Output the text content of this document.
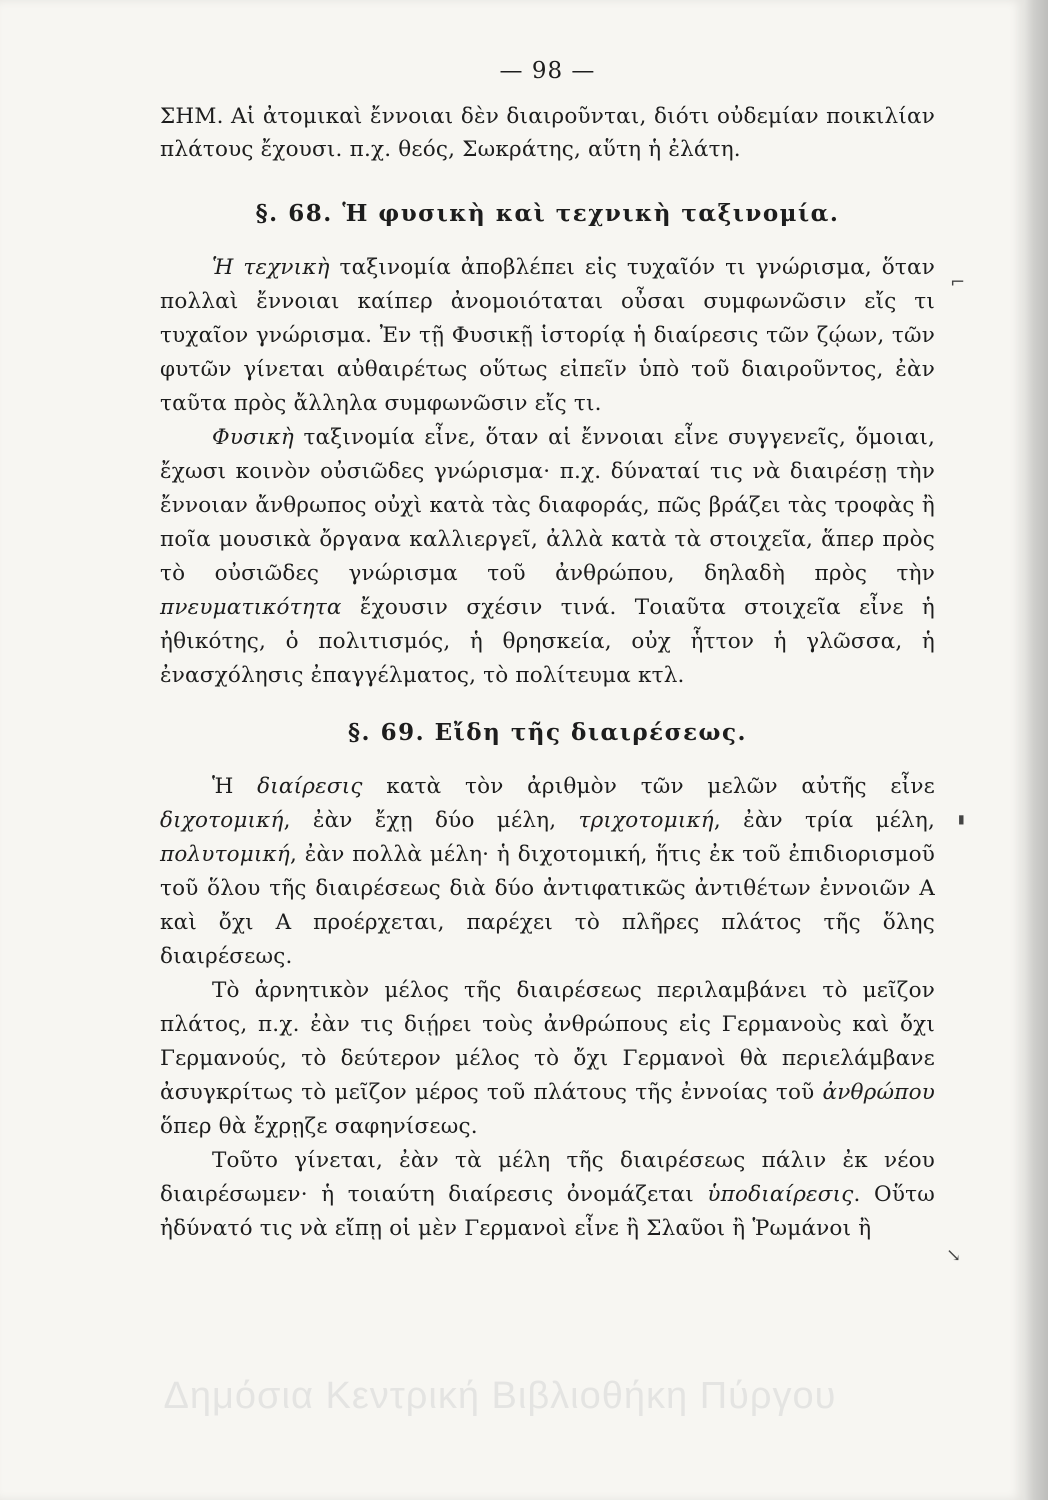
— 98 —

ΣΗΜ. Αἱ ἀτομικαὶ ἔννοιαι δὲν διαιροῦνται, διότι οὐδεμίαν ποικιλίαν πλάτους ἔχουσι. π.χ. θεός, Σωκράτης, αὕτη ἡ ἐλάτη.

§. 68. Ἡ φυσικὴ καὶ τεχνικὴ ταξινομία.

Ἡ τεχνικὴ ταξινομία ἀποβλέπει εἰς τυχαῖόν τι γνώρισμα, ὅταν πολλαὶ ἔννοιαι καίπερ ἀνομοιόταται οὖσαι συμφωνῶσιν εἴς τι τυχαῖον γνώρισμα. Ἐν τῇ Φυσικῇ ἱστορίᾳ ἡ διαίρεσις τῶν ζῴων, τῶν φυτῶν γίνεται αὐθαιρέτως οὕτως εἰπεῖν ὑπὸ τοῦ διαιροῦντος, ἐὰν ταῦτα πρὸς ἄλληλα συμφωνῶσιν εἴς τι.

Φυσικὴ ταξινομία εἶνε, ὅταν αἱ ἔννοιαι εἶνε συγγενεῖς, ὅμοιαι, ἔχωσι κοινὸν οὐσιῶδες γνώρισμα· π.χ. δύναταί τις νὰ διαιρέσῃ τὴν ἔννοιαν ἄνθρωπος οὐχὶ κατὰ τὰς διαφοράς, πῶς βράζει τὰς τροφὰς ἢ ποῖα μουσικὰ ὄργανα καλλιεργεῖ, ἀλλὰ κατὰ τὰ στοιχεῖα, ἅπερ πρὸς τὸ οὐσιῶδες γνώρισμα τοῦ ἀνθρώπου, δηλαδὴ πρὸς τὴν πνευματικότητα ἔχουσιν σχέσιν τινά. Τοιαῦτα στοιχεῖα εἶνε ἡ ἠθικότης, ὁ πολιτισμός, ἡ θρησκεία, οὐχ ἧττον ἡ γλῶσσα, ἡ ἐνασχόλησις ἐπαγγέλματος, τὸ πολίτευμα κτλ.

§. 69. Εἴδη τῆς διαιρέσεως.

Ἡ διαίρεσις κατὰ τὸν ἀριθμὸν τῶν μελῶν αὐτῆς εἶνε διχοτομική, ἐὰν ἔχῃ δύο μέλη, τριχοτομική, ἐὰν τρία μέλη, πολυτομική, ἐὰν πολλὰ μέλη· ἡ διχοτομική, ἥτις ἐκ τοῦ ἐπιδιορισμοῦ τοῦ ὅλου τῆς διαιρέσεως διὰ δύο ἀντιφατικῶς ἀντιθέτων ἐννοιῶν Α καὶ ὄχι Α προέρχεται, παρέχει τὸ πλῆρες πλάτος τῆς ὅλης διαιρέσεως.

Τὸ ἀρνητικὸν μέλος τῆς διαιρέσεως περιλαμβάνει τὸ μεῖζον πλάτος, π.χ. ἐὰν τις διῄρει τοὺς ἀνθρώπους εἰς Γερμανοὺς καὶ ὄχι Γερμανούς, τὸ δεύτερον μέλος τὸ ὄχι Γερμανοὶ θὰ περιελάμβανε ἀσυγκρίτως τὸ μεῖζον μέρος τοῦ πλάτους τῆς ἐννοίας τοῦ ἀνθρώπου ὅπερ θὰ ἔχρῃζε σαφηνίσεως.

Τοῦτο γίνεται, ἐὰν τὰ μέλη τῆς διαιρέσεως πάλιν ἐκ νέου διαιρέσωμεν· ἡ τοιαύτη διαίρεσις ὀνομάζεται ὑποδιαίρεσις. Οὕτω ἠδύνατό τις νὰ εἴπῃ οἱ μὲν Γερμανοὶ εἶνε ἢ Σλαῦοι ἢ Ῥωμάνοι ἢ

⌐
▮
↘
Δημόσια Κεντρική Βιβλιοθήκη Πύργου
